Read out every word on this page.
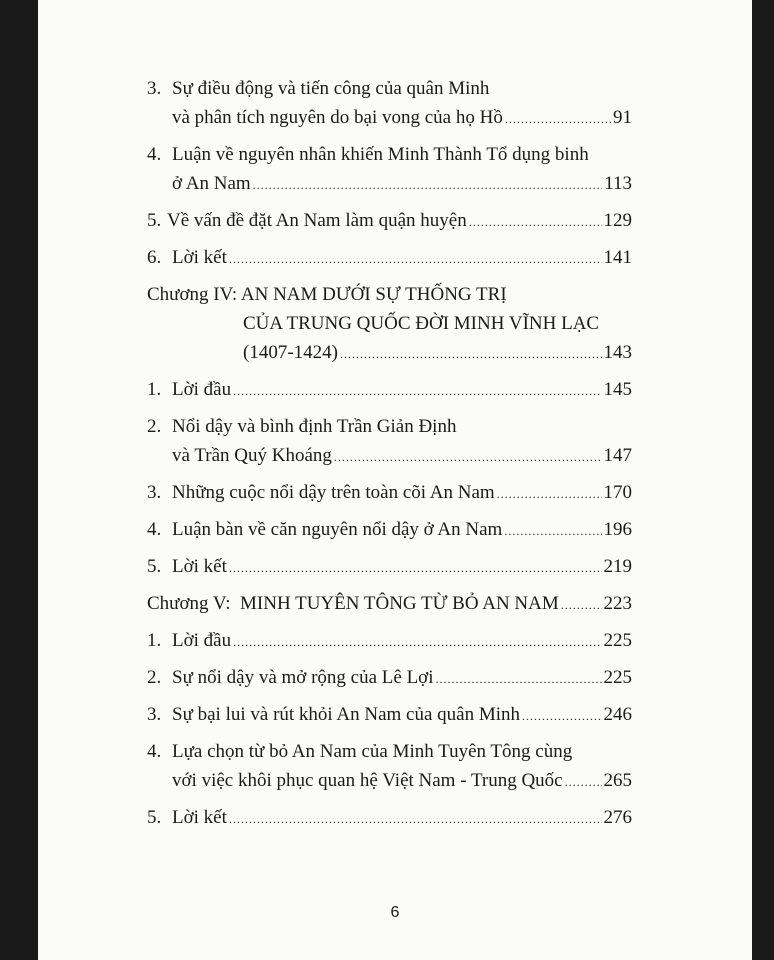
3. Sự điều động và tiến công của quân Minh
và phân tích nguyên do bại vong của họ Hồ .....	91
4. Luận về nguyên nhân khiến Minh Thành Tổ dụng binh
ở An Nam .....	113
5. Về vấn đề đặt An Nam làm quận huyện .....	129
6. Lời kết .....	141
Chương IV: AN NAM DƯỚI SỰ THỐNG TRỊ
CỦA TRUNG QUỐC ĐỜI MINH VĨNH LẠC
(1407-1424) .....	143
1. Lời đầu .....	145
2. Nổi dậy và bình định Trần Giản Định
và Trần Quý Khoáng .....	147
3. Những cuộc nổi dậy trên toàn cõi An Nam .....	170
4. Luận bàn về căn nguyên nổi dậy ở An Nam .....	196
5. Lời kết .....	219
Chương V:  MINH TUYÊN TÔNG TỪ BỎ AN NAM ..... 223
1. Lời đầu .....	225
2. Sự nổi dậy và mở rộng của Lê Lợi .....	225
3. Sự bại lui và rút khỏi An Nam của quân Minh .....	246
4. Lựa chọn từ bỏ An Nam của Minh Tuyên Tông cùng
với việc khôi phục quan hệ Việt Nam - Trung Quốc ..... 265
5. Lời kết .....	276
6
